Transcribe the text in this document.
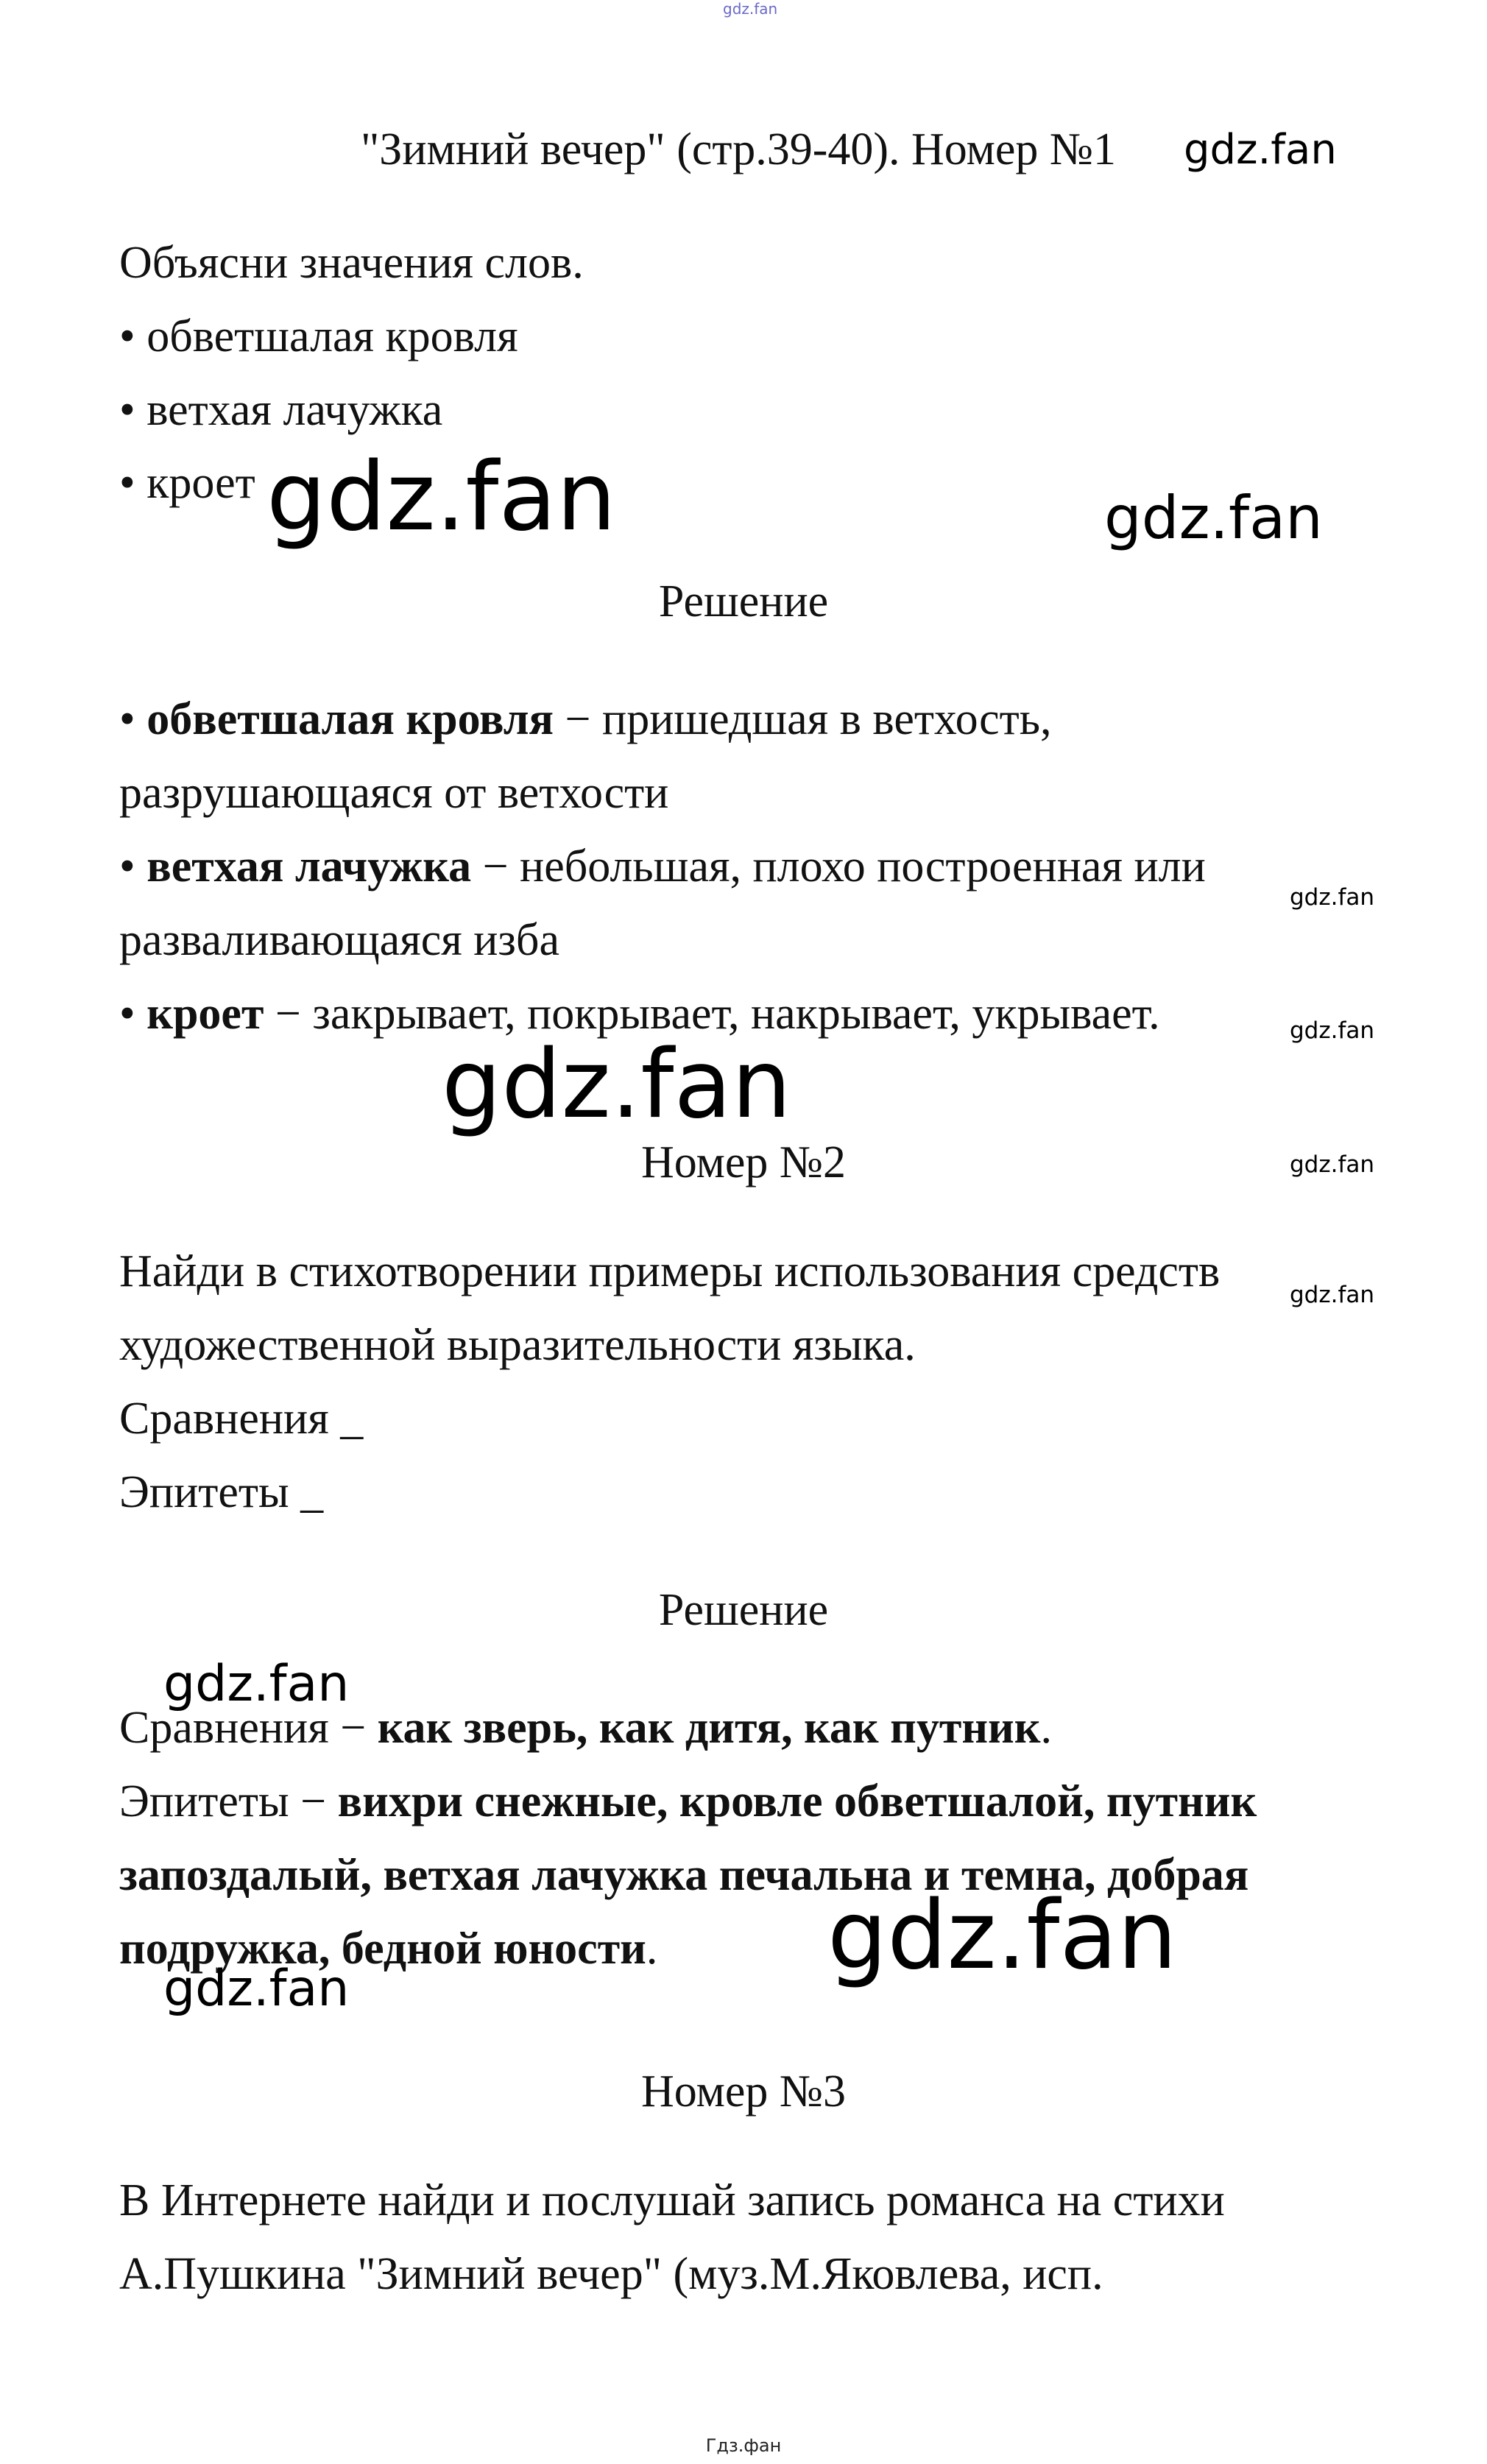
gdz.fan
"Зимний вечер" (стр.39-40). Номер №1 gdz.fan
Объясни значения слов.
• обветшалая кровля
• ветхая лачужка
• кроет gdz.fan	gdz.fan
Решение
• обветшалая кровля − пришедшая в ветхость,
разрушающаяся от ветхости
• ветхая лачужка − небольшая, плохо построенная или
gdz.fan
разваливающаяся изба
• кроет − закрывает, покрывает, накрывает, укрывает.	gdz.fan
gdz.fan
Номер №2	gdz.fan
Найди в стихотворении примеры использования средств	gdz.fan
художественной выразительности языка.
Сравнения _
Эпитеты _
Решение
gdz.fan
Сравнения − как зверь, как дитя, как путник.
Эпитеты − вихри снежные, кровле обветшалой, путник
запоздалый, ветхая лачужка печальна и темна, добрая
подружка, бедной юности. gdz.fan
gdz.fan
Номер №3
В Интернете найди и послушай запись романса на стихи
А.Пушкина "Зимний вечер" (муз.М.Яковлева, исп.
Гдз.фан
